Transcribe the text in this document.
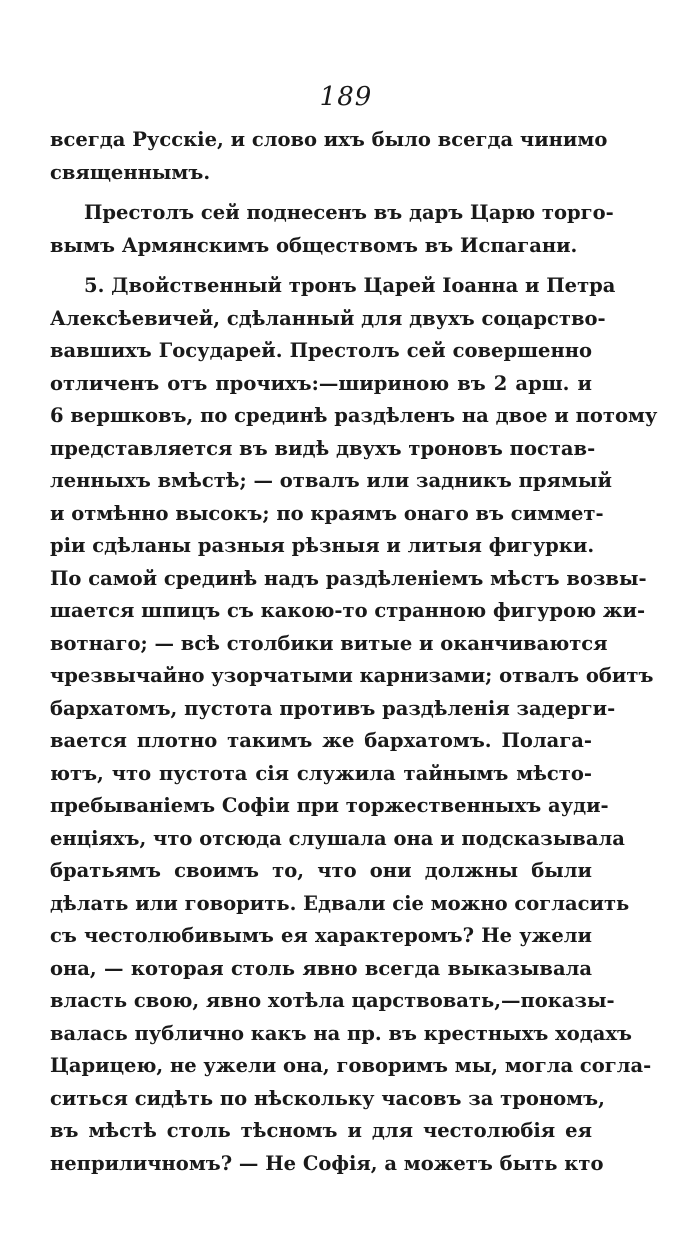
189
всегда Русскіе, и слово ихъ было всегда чинимо
священнымъ.
Престолъ сей поднесенъ въ даръ Царю торго-
вымъ Армянскимъ обществомъ въ Испагани.
5. Двойственный тронъ Царей Іоанна и Петра
Алексѣевичей, сдѣланный для двухъ соцарство-
вавшихъ Государей. Престолъ сей совершенно
отличенъ отъ прочихъ:—шириною въ 2 арш. и
6 вершковъ, по срединѣ раздѣленъ на двое и потому
представляется въ видѣ двухъ троновъ постав-
ленныхъ вмѣстѣ; — отвалъ или задникъ прямый
и отмѣнно высокъ; по краямъ онаго въ симмет-
ріи сдѣланы разныя рѣзныя и литыя фигурки.
По самой срединѣ надъ раздѣленіемъ мѣстъ возвы-
шается шпицъ съ какою-то странною фигурою жи-
вотнаго; — всѣ столбики витые и оканчиваются
чрезвычайно узорчатыми карнизами; отвалъ обитъ
бархатомъ, пустота противъ раздѣленія задерги-
вается плотно такимъ же бархатомъ. Полага-
ютъ, что пустота сія служила тайнымъ мѣсто-
пребываніемъ Софіи при торжественныхъ ауди-
енціяхъ, что отсюда слушала она и подсказывала
братьямъ своимъ то, что они должны были
дѣлать или говорить. Едвали сіе можно согласить
съ честолюбивымъ ея характеромъ? Не ужели
она, — которая столь явно всегда выказывала
власть свою, явно хотѣла царствовать,—показы-
валась публично какъ на пр. въ крестныхъ ходахъ
Царицею, не ужели она, говоримъ мы, могла согла-
ситься сидѣть по нѣскольку часовъ за трономъ,
въ мѣстѣ столь тѣсномъ и для честолюбія ея
неприличномъ? — Не Софія, а можетъ быть кто
